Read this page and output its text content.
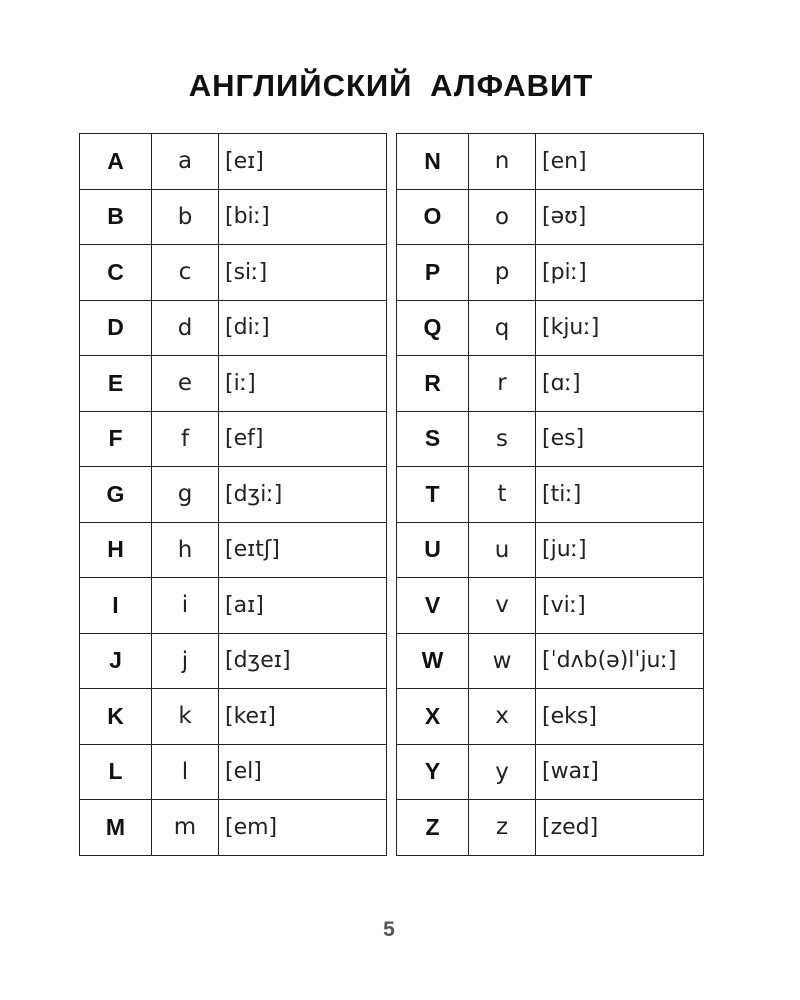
АНГЛИЙСКИЙ АЛФАВИТ
A	a	[eɪ]
B	b	[biː]
C	c	[siː]
D	d	[diː]
E	e	[iː]
F	f	[ef]
G	g	[dʒiː]
H	h	[eɪtʃ]
I	i	[aɪ]
J	j	[dʒeɪ]
K	k	[keɪ]
L	l	[el]
M	m	[em]
N	n	[en]
O	o	[əʊ]
P	p	[piː]
Q	q	[kjuː]
R	r	[ɑː]
S	s	[es]
T	t	[tiː]
U	u	[juː]
V	v	[viː]
W	w	[ˈdʌb(ə)lˈjuː]
X	x	[eks]
Y	y	[waɪ]
Z	z	[zed]
5
